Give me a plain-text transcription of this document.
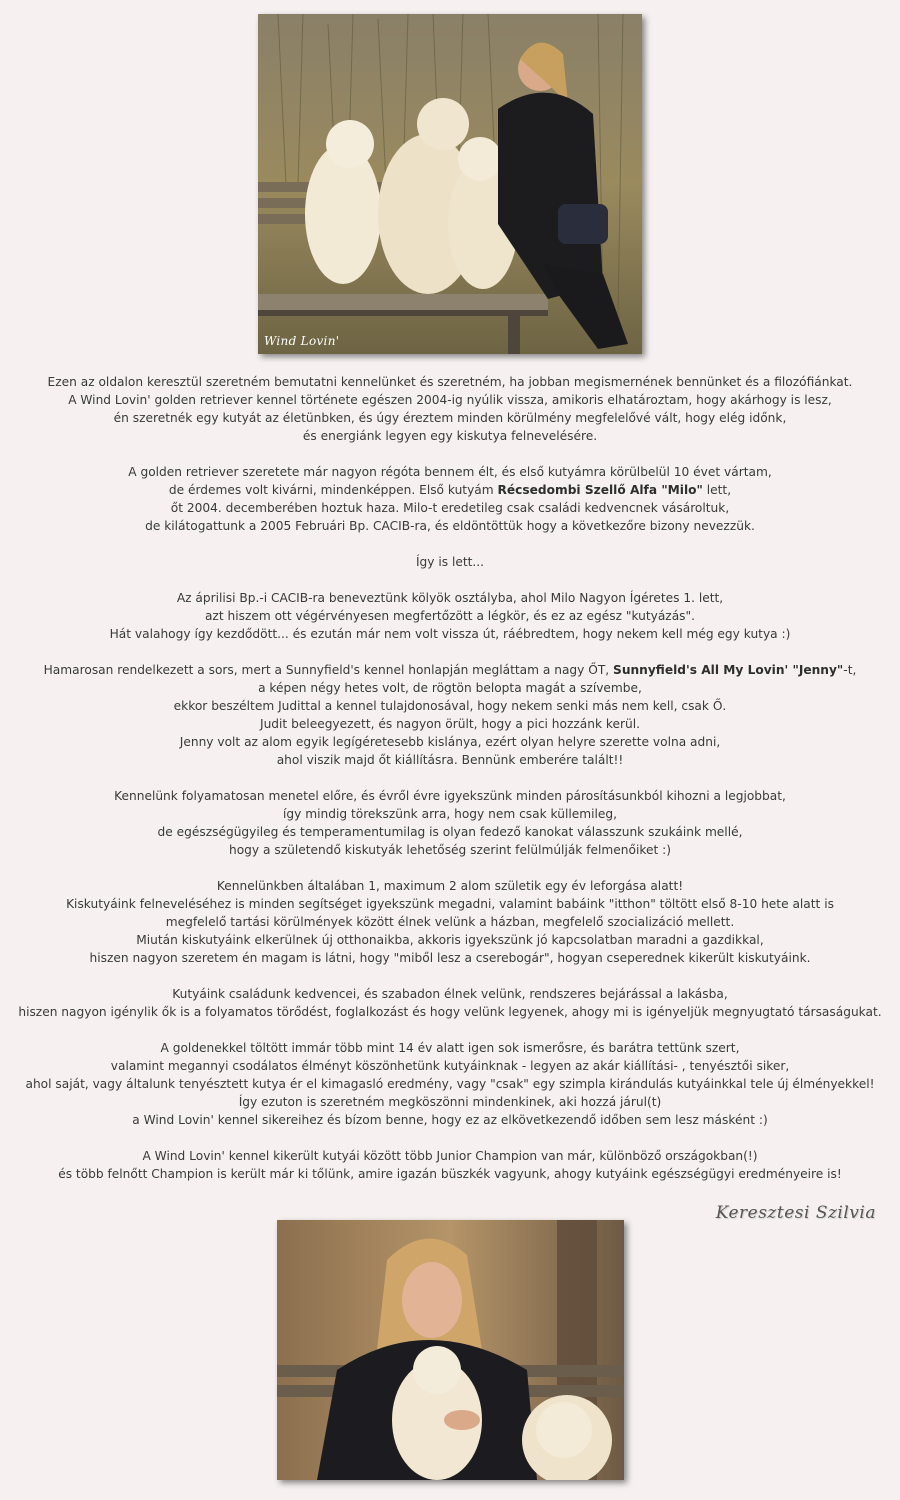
Wind Lovin'

Ezen az oldalon keresztül szeretném bemutatni kennelünket és szeretném, ha jobban megismernének bennünket és a filozófiánkat.
A Wind Lovin' golden retriever kennel története egészen 2004-ig nyúlik vissza, amikoris elhatároztam, hogy akárhogy is lesz,
én szeretnék egy kutyát az életünbken, és úgy éreztem minden körülmény megfelelővé vált, hogy elég időnk,
és energiánk legyen egy kiskutya felnevelésére.

A golden retriever szeretete már nagyon régóta bennem élt, és első kutyámra körülbelül 10 évet vártam,
de érdemes volt kivárni, mindenképpen. Első kutyám Récsedombi Szellő Alfa "Milo" lett,
őt 2004. decemberében hoztuk haza. Milo-t eredetileg csak családi kedvencnek vásároltuk,
de kilátogattunk a 2005 Februári Bp. CACIB-ra, és eldöntöttük hogy a következőre bizony nevezzük.

Így is lett...

Az áprilisi Bp.-i CACIB-ra beneveztünk kölyök osztályba, ahol Milo Nagyon Ígéretes 1. lett,
azt hiszem ott végérvényesen megfertőzött a légkör, és ez az egész "kutyázás".
Hát valahogy így kezdődött... és ezután már nem volt vissza út, ráébredtem, hogy nekem kell még egy kutya :)

Hamarosan rendelkezett a sors, mert a Sunnyfield's kennel honlapján megláttam a nagy ŐT, Sunnyfield's All My Lovin' "Jenny"-t,
a képen négy hetes volt, de rögtön belopta magát a szívembe,
ekkor beszéltem Judittal a kennel tulajdonosával, hogy nekem senki más nem kell, csak Ő.
Judit beleegyezett, és nagyon örült, hogy a pici hozzánk kerül.
Jenny volt az alom egyik legígéretesebb kislánya, ezért olyan helyre szerette volna adni,
ahol viszik majd őt kiállításra. Bennünk emberére talált!!

Kennelünk folyamatosan menetel előre, és évről évre igyekszünk minden párosításunkból kihozni a legjobbat,
így mindig törekszünk arra, hogy nem csak küllemileg,
de egészségügyileg és temperamentumilag is olyan fedező kanokat válasszunk szukáink mellé,
hogy a születendő kiskutyák lehetőség szerint felülmúlják felmenőiket :)

Kennelünkben általában 1, maximum 2 alom születik egy év leforgása alatt!
Kiskutyáink felneveléséhez is minden segítséget igyekszünk megadni, valamint babáink "itthon" töltött első 8-10 hete alatt is
megfelelő tartási körülmények között élnek velünk a házban, megfelelő szocializáció mellett.
Miután kiskutyáink elkerülnek új otthonaikba, akkoris igyekszünk jó kapcsolatban maradni a gazdikkal,
hiszen nagyon szeretem én magam is látni, hogy "miből lesz a cserebogár", hogyan cseperednek kikerült kiskutyáink.

Kutyáink családunk kedvencei, és szabadon élnek velünk, rendszeres bejárással a lakásba,
hiszen nagyon igénylik ők is a folyamatos törődést, foglalkozást és hogy velünk legyenek, ahogy mi is igényeljük megnyugtató társaságukat.

A goldenekkel töltött immár több mint 14 év alatt igen sok ismerősre, és barátra tettünk szert,
valamint megannyi csodálatos élményt köszönhetünk kutyáinknak - legyen az akár kiállítási- , tenyésztői siker,
ahol saját, vagy általunk tenyésztett kutya ér el kimagasló eredmény, vagy "csak" egy szimpla kirándulás kutyáinkkal tele új élményekkel!
Így ezuton is szeretném megköszönni mindenkinek, aki hozzá járul(t)
a Wind Lovin' kennel sikereihez és bízom benne, hogy ez az elkövetkezendő időben sem lesz másként :)

A Wind Lovin' kennel kikerült kutyái között több Junior Champion van már, különböző országokban(!)
és több felnőtt Champion is került már ki tőlünk, amire igazán büszkék vagyunk, ahogy kutyáink egészségügyi eredményeire is!

Keresztesi Szilvia
